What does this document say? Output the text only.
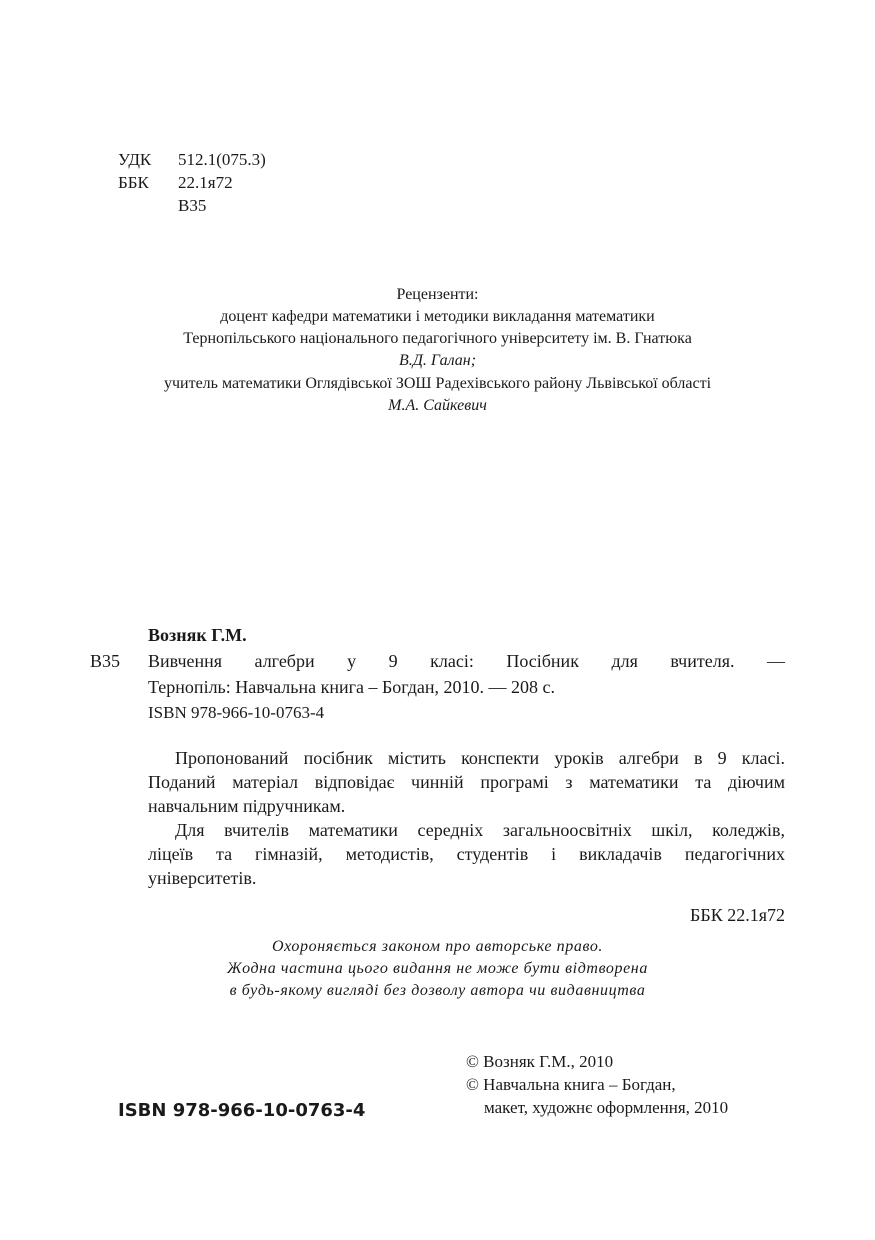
УДК 512.1(075.3)
ББК 22.1я72
В35
Рецензенти:
доцент кафедри математики і методики викладання математики
Тернопільського національного педагогічного університету ім. В. Гнатюка
В.Д. Галан;
учитель математики Оглядівської ЗОШ Радехівського району Львівської області
М.А. Сайкевич
Возняк Г.М.
В35 Вивчення алгебри у 9 класі: Посібник для вчителя. —
Тернопіль: Навчальна книга – Богдан, 2010. — 208 с.
ISBN 978-966-10-0763-4
Пропонований посібник містить конспекти уроків алгебри в 9 класі.
Поданий матеріал відповідає чинній програмі з математики та діючим
навчальним підручникам.
Для вчителів математики середніх загальноосвітніх шкіл, коледжів,
ліцеїв та гімназій, методистів, студентів і викладачів педагогічних
університетів.
ББК 22.1я72
Охороняється законом про авторське право.
Жодна частина цього видання не може бути відтворена
в будь-якому вигляді без дозволу автора чи видавництва
© Возняк Г.М., 2010
© Навчальна книга – Богдан,
макет, художнє оформлення, 2010
ISBN 978-966-10-0763-4
